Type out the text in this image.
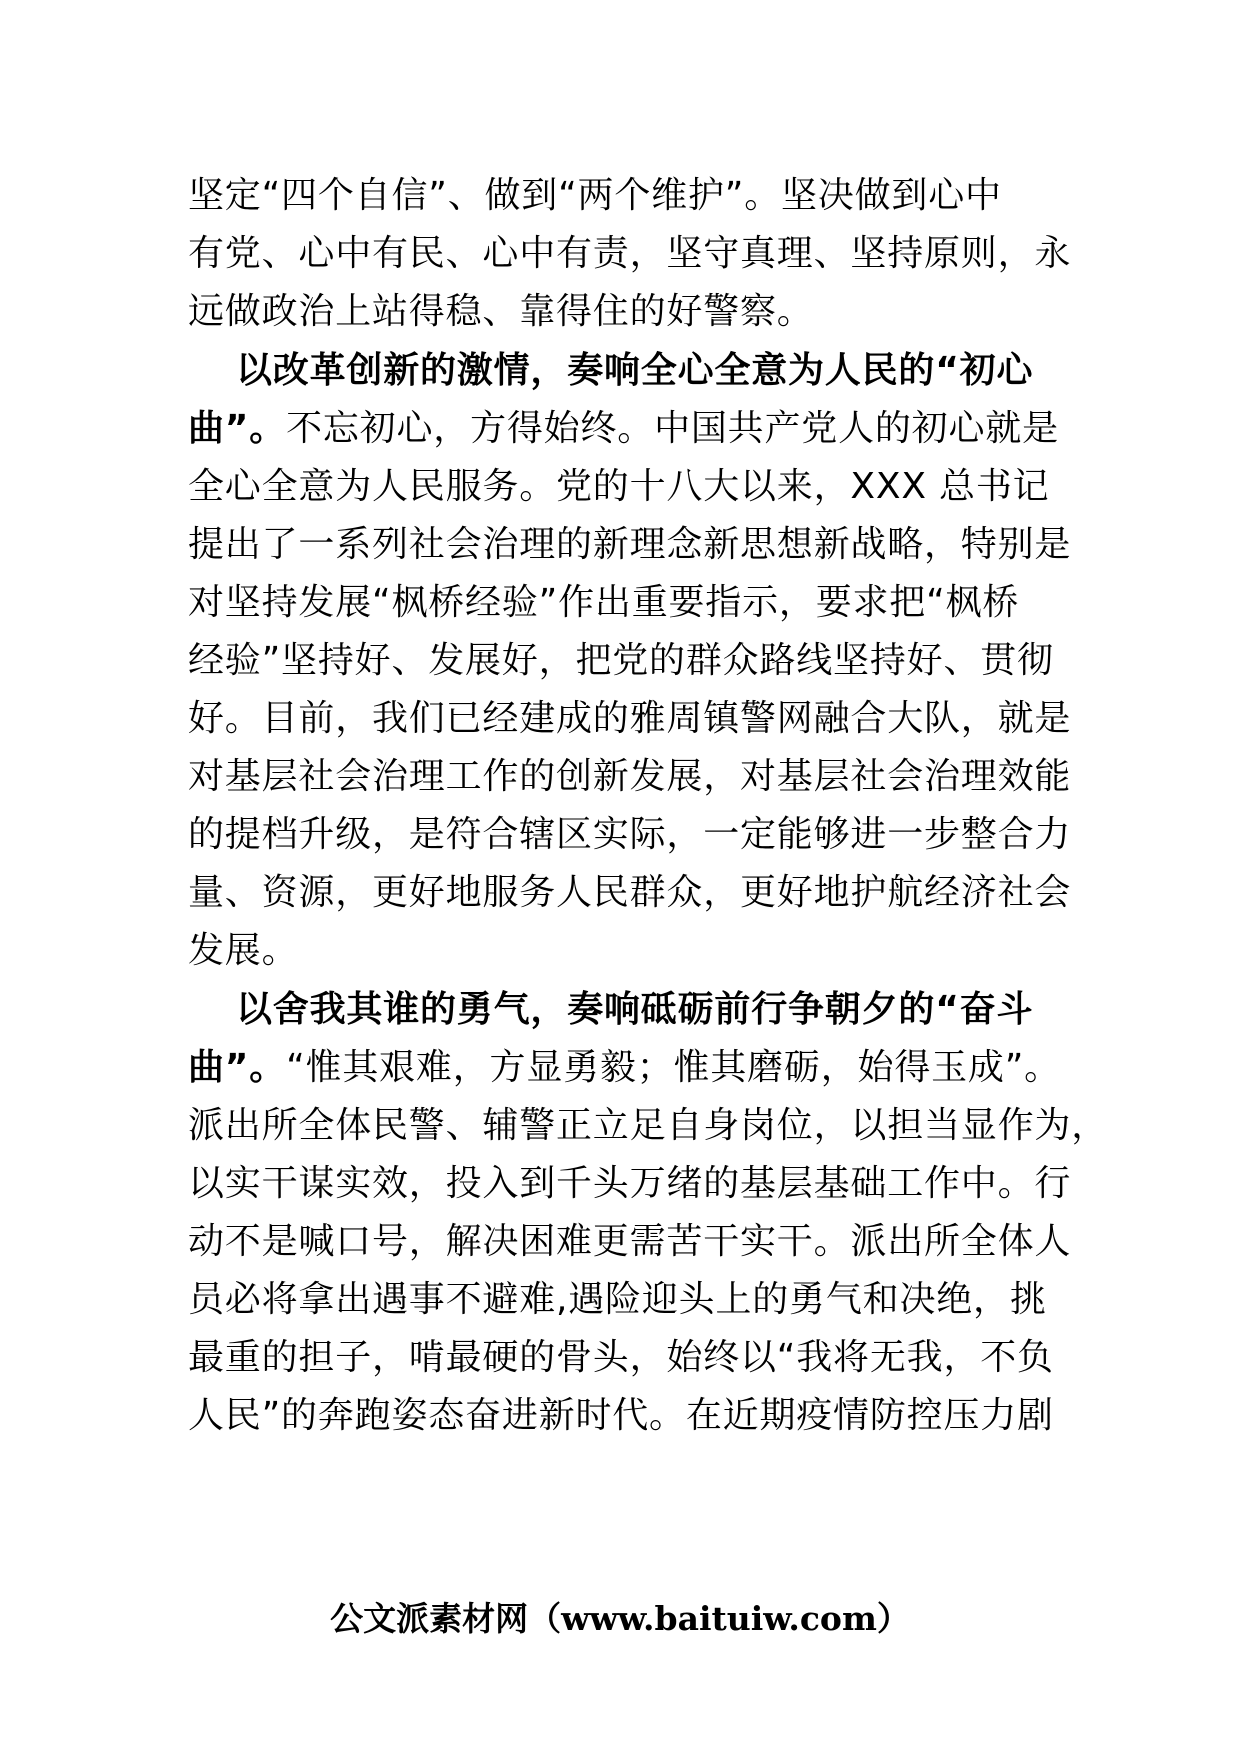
坚定“四个自信”、做到“两个维护”。坚决做到心中
有党、心中有民、心中有责，坚守真理、坚持原则，永
远做政治上站得稳、靠得住的好警察。
以改革创新的激情，奏响全心全意为人民的“初心
曲”。不忘初心，方得始终。中国共产党人的初心就是
全心全意为人民服务。党的十八大以来，XXX 总书记
提出了一系列社会治理的新理念新思想新战略，特别是
对坚持发展“枫桥经验”作出重要指示，要求把“枫桥
经验”坚持好、发展好，把党的群众路线坚持好、贯彻
好。目前，我们已经建成的雅周镇警网融合大队，就是
对基层社会治理工作的创新发展，对基层社会治理效能
的提档升级，是符合辖区实际，一定能够进一步整合力
量、资源，更好地服务人民群众，更好地护航经济社会
发展。
以舍我其谁的勇气，奏响砥砺前行争朝夕的“奋斗
曲”。“惟其艰难，方显勇毅；惟其磨砺，始得玉成”。
派出所全体民警、辅警正立足自身岗位，以担当显作为，
以实干谋实效，投入到千头万绪的基层基础工作中。行
动不是喊口号，解决困难更需苦干实干。派出所全体人
员必将拿出遇事不避难,遇险迎头上的勇气和决绝，挑
最重的担子，啃最硬的骨头，始终以“我将无我，不负
人民”的奔跑姿态奋进新时代。在近期疫情防控压力剧
公文派素材网（www.baituiw.com）
